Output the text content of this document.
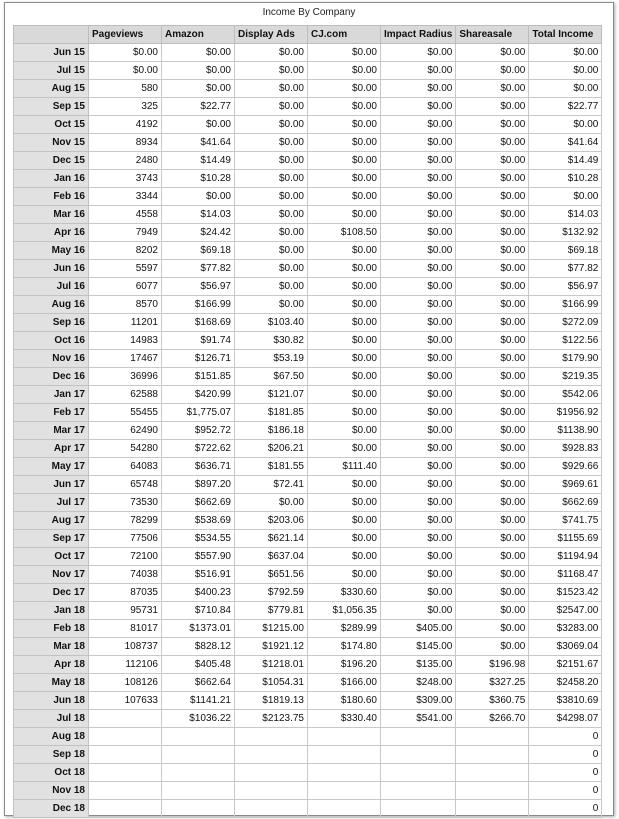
Income By Company
	Pageviews	Amazon	Display Ads	CJ.com	Impact Radius	Shareasale	Total Income
Jun 15	$0.00	$0.00	$0.00	$0.00	$0.00	$0.00	$0.00
Jul 15	$0.00	$0.00	$0.00	$0.00	$0.00	$0.00	$0.00
Aug 15	580	$0.00	$0.00	$0.00	$0.00	$0.00	$0.00
Sep 15	325	$22.77	$0.00	$0.00	$0.00	$0.00	$22.77
Oct 15	4192	$0.00	$0.00	$0.00	$0.00	$0.00	$0.00
Nov 15	8934	$41.64	$0.00	$0.00	$0.00	$0.00	$41.64
Dec 15	2480	$14.49	$0.00	$0.00	$0.00	$0.00	$14.49
Jan 16	3743	$10.28	$0.00	$0.00	$0.00	$0.00	$10.28
Feb 16	3344	$0.00	$0.00	$0.00	$0.00	$0.00	$0.00
Mar 16	4558	$14.03	$0.00	$0.00	$0.00	$0.00	$14.03
Apr 16	7949	$24.42	$0.00	$108.50	$0.00	$0.00	$132.92
May 16	8202	$69.18	$0.00	$0.00	$0.00	$0.00	$69.18
Jun 16	5597	$77.82	$0.00	$0.00	$0.00	$0.00	$77.82
Jul 16	6077	$56.97	$0.00	$0.00	$0.00	$0.00	$56.97
Aug 16	8570	$166.99	$0.00	$0.00	$0.00	$0.00	$166.99
Sep 16	11201	$168.69	$103.40	$0.00	$0.00	$0.00	$272.09
Oct 16	14983	$91.74	$30.82	$0.00	$0.00	$0.00	$122.56
Nov 16	17467	$126.71	$53.19	$0.00	$0.00	$0.00	$179.90
Dec 16	36996	$151.85	$67.50	$0.00	$0.00	$0.00	$219.35
Jan 17	62588	$420.99	$121.07	$0.00	$0.00	$0.00	$542.06
Feb 17	55455	$1,775.07	$181.85	$0.00	$0.00	$0.00	$1956.92
Mar 17	62490	$952.72	$186.18	$0.00	$0.00	$0.00	$1138.90
Apr 17	54280	$722.62	$206.21	$0.00	$0.00	$0.00	$928.83
May 17	64083	$636.71	$181.55	$111.40	$0.00	$0.00	$929.66
Jun 17	65748	$897.20	$72.41	$0.00	$0.00	$0.00	$969.61
Jul 17	73530	$662.69	$0.00	$0.00	$0.00	$0.00	$662.69
Aug 17	78299	$538.69	$203.06	$0.00	$0.00	$0.00	$741.75
Sep 17	77506	$534.55	$621.14	$0.00	$0.00	$0.00	$1155.69
Oct 17	72100	$557.90	$637.04	$0.00	$0.00	$0.00	$1194.94
Nov 17	74038	$516.91	$651.56	$0.00	$0.00	$0.00	$1168.47
Dec 17	87035	$400.23	$792.59	$330.60	$0.00	$0.00	$1523.42
Jan 18	95731	$710.84	$779.81	$1,056.35	$0.00	$0.00	$2547.00
Feb 18	81017	$1373.01	$1215.00	$289.99	$405.00	$0.00	$3283.00
Mar 18	108737	$828.12	$1921.12	$174.80	$145.00	$0.00	$3069.04
Apr 18	112106	$405.48	$1218.01	$196.20	$135.00	$196.98	$2151.67
May 18	108126	$662.64	$1054.31	$166.00	$248.00	$327.25	$2458.20
Jun 18	107633	$1141.21	$1819.13	$180.60	$309.00	$360.75	$3810.69
Jul 18		$1036.22	$2123.75	$330.40	$541.00	$266.70	$4298.07
Aug 18							0
Sep 18							0
Oct 18							0
Nov 18							0
Dec 18							0
